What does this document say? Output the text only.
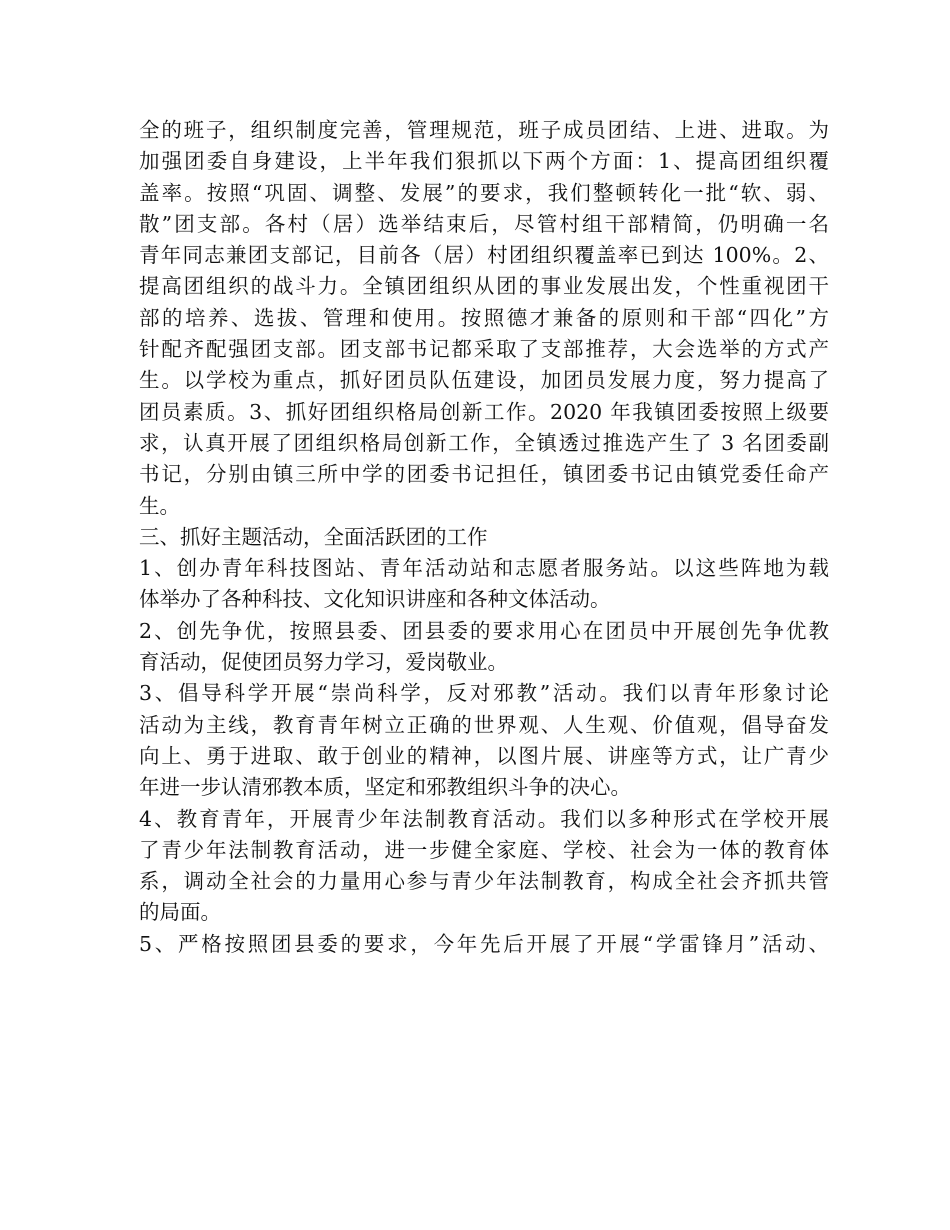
全的班子，组织制度完善，管理规范，班子成员团结、上进、进取。为
加强团委自身建设，上半年我们狠抓以下两个方面：1、提高团组织覆
盖率。按照“巩固、调整、发展”的要求，我们整顿转化一批“软、弱、
散”团支部。各村（居）选举结束后，尽管村组干部精简，仍明确一名
青年同志兼团支部记，目前各（居）村团组织覆盖率已到达 100%。2、
提高团组织的战斗力。全镇团组织从团的事业发展出发，个性重视团干
部的培养、选拔、管理和使用。按照德才兼备的原则和干部“四化”方
针配齐配强团支部。团支部书记都采取了支部推荐，大会选举的方式产
生。以学校为重点，抓好团员队伍建设，加团员发展力度，努力提高了
团员素质。3、抓好团组织格局创新工作。2020 年我镇团委按照上级要
求，认真开展了团组织格局创新工作，全镇透过推选产生了 3 名团委副
书记，分别由镇三所中学的团委书记担任，镇团委书记由镇党委任命产
生。
三、抓好主题活动，全面活跃团的工作
1、创办青年科技图站、青年活动站和志愿者服务站。以这些阵地为载
体举办了各种科技、文化知识讲座和各种文体活动。
2、创先争优，按照县委、团县委的要求用心在团员中开展创先争优教
育活动，促使团员努力学习，爱岗敬业。
3、倡导科学开展“崇尚科学，反对邪教”活动。我们以青年形象讨论
活动为主线，教育青年树立正确的世界观、人生观、价值观，倡导奋发
向上、勇于进取、敢于创业的精神，以图片展、讲座等方式，让广青少
年进一步认清邪教本质，坚定和邪教组织斗争的决心。
4、教育青年，开展青少年法制教育活动。我们以多种形式在学校开展
了青少年法制教育活动，进一步健全家庭、学校、社会为一体的教育体
系，调动全社会的力量用心参与青少年法制教育，构成全社会齐抓共管
的局面。
5、严格按照团县委的要求，今年先后开展了开展“学雷锋月”活动、
